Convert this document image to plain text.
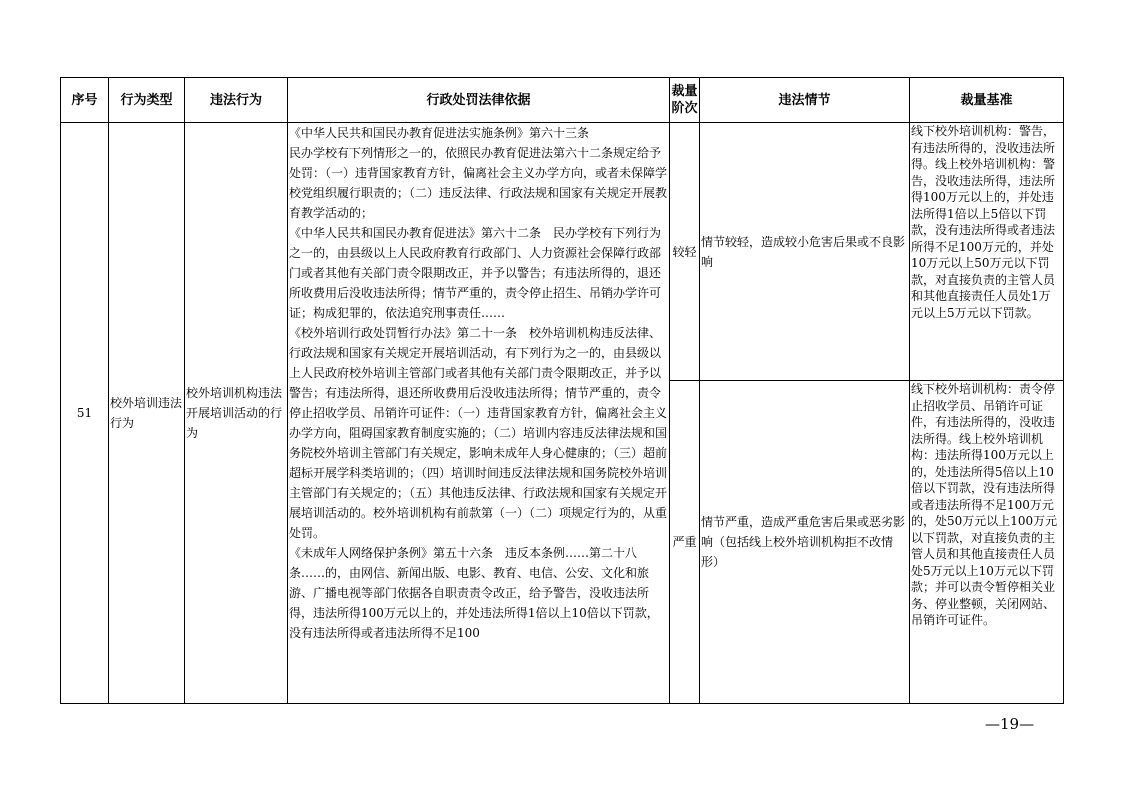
序号	行为类型	违法行为	行政处罚法律依据	裁量阶次	违法情节	裁量基准
51	校外培训违法行为	校外培训机构违法开展培训活动的行为	《中华人民共和国民办教育促进法实施条例》第六十三条

民办学校有下列情形之一的，依照民办教育促进法第六十二条规定给予处罚：（一）违背国家教育方针，偏离社会主义办学方向，或者未保障学校党组织履行职责的；（二）违反法律、行政法规和国家有关规定开展教育教学活动的；

《中华人民共和国民办教育促进法》第六十二条　民办学校有下列行为之一的，由县级以上人民政府教育行政部门、人力资源社会保障行政部门或者其他有关部门责令限期改正，并予以警告；有违法所得的，退还所收费用后没收违法所得；情节严重的，责令停止招生、吊销办学许可证；构成犯罪的，依法追究刑事责任……

《校外培训行政处罚暂行办法》第二十一条　校外培训机构违反法律、行政法规和国家有关规定开展培训活动，有下列行为之一的，由县级以上人民政府校外培训主管部门或者其他有关部门责令限期改正，并予以警告；有违法所得，退还所收费用后没收违法所得；情节严重的，责令停止招收学员、吊销许可证件：（一）违背国家教育方针，偏离社会主义办学方向，阻碍国家教育制度实施的；（二）培训内容违反法律法规和国务院校外培训主管部门有关规定，影响未成年人身心健康的；（三）超前超标开展学科类培训的；（四）培训时间违反法律法规和国务院校外培训主管部门有关规定的；（五）其他违反法律、行政法规和国家有关规定开展培训活动的。校外培训机构有前款第（一）（二）项规定行为的，从重处罚。

《未成年人网络保护条例》第五十六条　违反本条例……第二十八条……的，由网信、新闻出版、电影、教育、电信、公安、文化和旅游、广播电视等部门依据各自职责责令改正，给予警告，没收违法所得，违法所得100万元以上的，并处违法所得1倍以上10倍以下罚款，没有违法所得或者违法所得不足100	较轻	情节较轻，造成较小危害后果或不良影响	线下校外培训机构：警告，有违法所得的，没收违法所得。线上校外培训机构：警告，没收违法所得，违法所得100万元以上的，并处违法所得1倍以上5倍以下罚款，没有违法所得或者违法所得不足100万元的，并处10万元以上50万元以下罚款，对直接负责的主管人员和其他直接责任人员处1万元以上5万元以下罚款。
				严重	情节严重，造成严重危害后果或恶劣影响（包括线上校外培训机构拒不改情形）	线下校外培训机构：责令停止招收学员、吊销许可证件，有违法所得的，没收违法所得。线上校外培训机构：违法所得100万元以上的，处违法所得5倍以上10倍以下罚款，没有违法所得或者违法所得不足100万元的，处50万元以上100万元以下罚款，对直接负责的主管人员和其他直接责任人员处5万元以上10万元以下罚款；并可以责令暂停相关业务、停业整顿，关闭网站、吊销许可证件。
—19—
